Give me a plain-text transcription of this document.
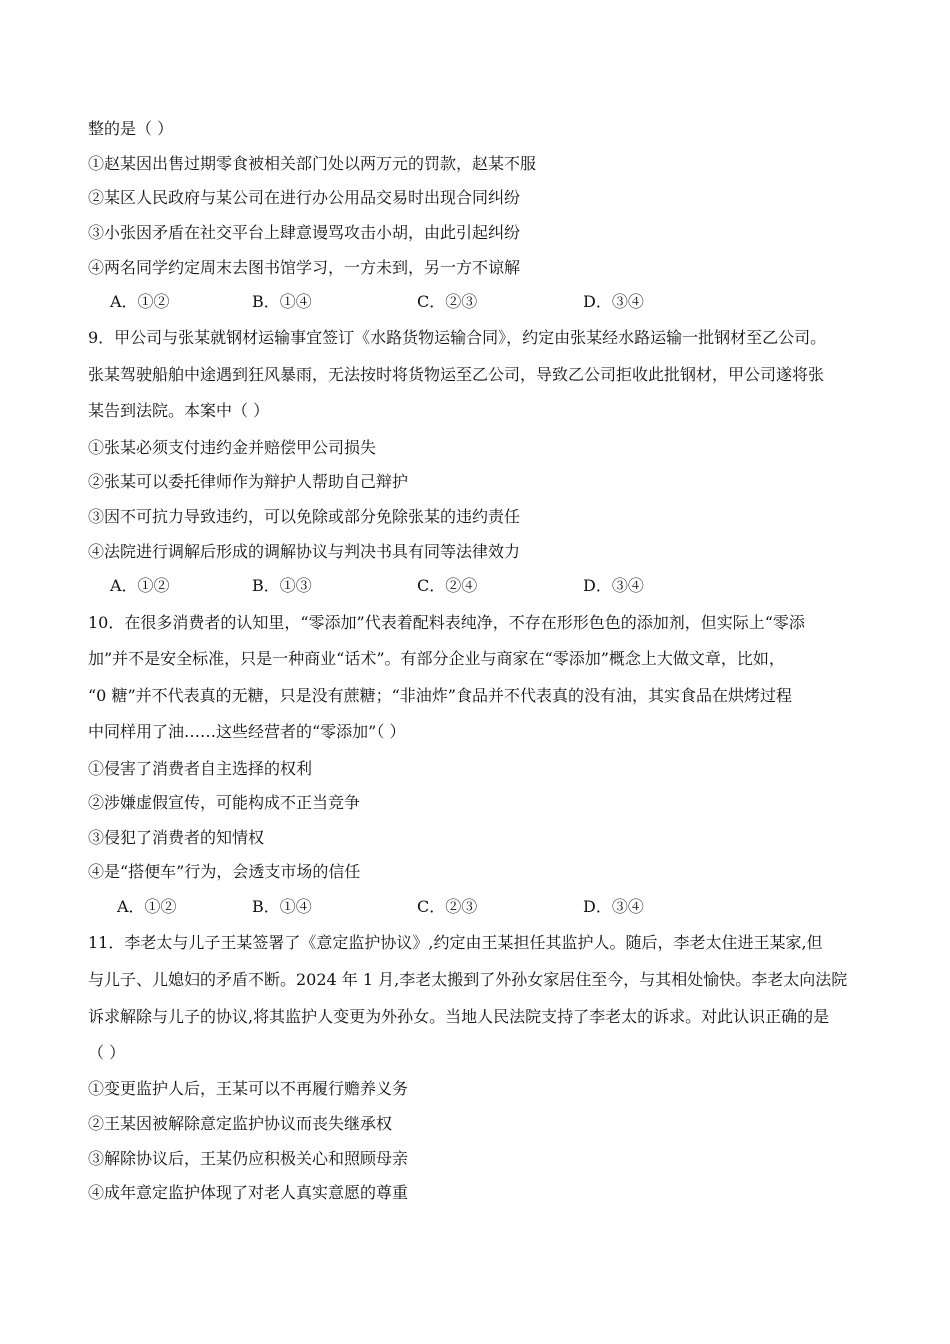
整的是（ ）
①赵某因出售过期零食被相关部门处以两万元的罚款，赵某不服
②某区人民政府与某公司在进行办公用品交易时出现合同纠纷
③小张因矛盾在社交平台上肆意谩骂攻击小胡，由此引起纠纷
④两名同学约定周末去图书馆学习，一方未到，另一方不谅解
A．①②	B．①④	C．②③	D．③④
9．甲公司与张某就钢材运输事宜签订《水路货物运输合同》，约定由张某经水路运输一批钢材至乙公司。
张某驾驶船舶中途遇到狂风暴雨，无法按时将货物运至乙公司，导致乙公司拒收此批钢材，甲公司遂将张
某告到法院。本案中（ ）
①张某必须支付违约金并赔偿甲公司损失
②张某可以委托律师作为辩护人帮助自己辩护
③因不可抗力导致违约，可以免除或部分免除张某的违约责任
④法院进行调解后形成的调解协议与判决书具有同等法律效力
A．①②	B．①③	C．②④	D．③④
10．在很多消费者的认知里，“零添加”代表着配料表纯净，不存在形形色色的添加剂，但实际上“零添
加”并不是安全标准，只是一种商业“话术”。有部分企业与商家在“零添加”概念上大做文章，比如，
“0 糖”并不代表真的无糖，只是没有蔗糖；“非油炸”食品并不代表真的没有油，其实食品在烘烤过程
中同样用了油……这些经营者的“零添加”（ ）
①侵害了消费者自主选择的权利
②涉嫌虚假宣传，可能构成不正当竞争
③侵犯了消费者的知情权
④是“搭便车”行为，会透支市场的信任
A．①②	B．①④	C．②③	D．③④
11．李老太与儿子王某签署了《意定监护协议》,约定由王某担任其监护人。随后，李老太住进王某家,但
与儿子、儿媳妇的矛盾不断。2024 年 1 月,李老太搬到了外孙女家居住至今，与其相处愉快。李老太向法院
诉求解除与儿子的协议,将其监护人变更为外孙女。当地人民法院支持了李老太的诉求。对此认识正确的是
（ ）
①变更监护人后，王某可以不再履行赡养义务
②王某因被解除意定监护协议而丧失继承权
③解除协议后，王某仍应积极关心和照顾母亲
④成年意定监护体现了对老人真实意愿的尊重
